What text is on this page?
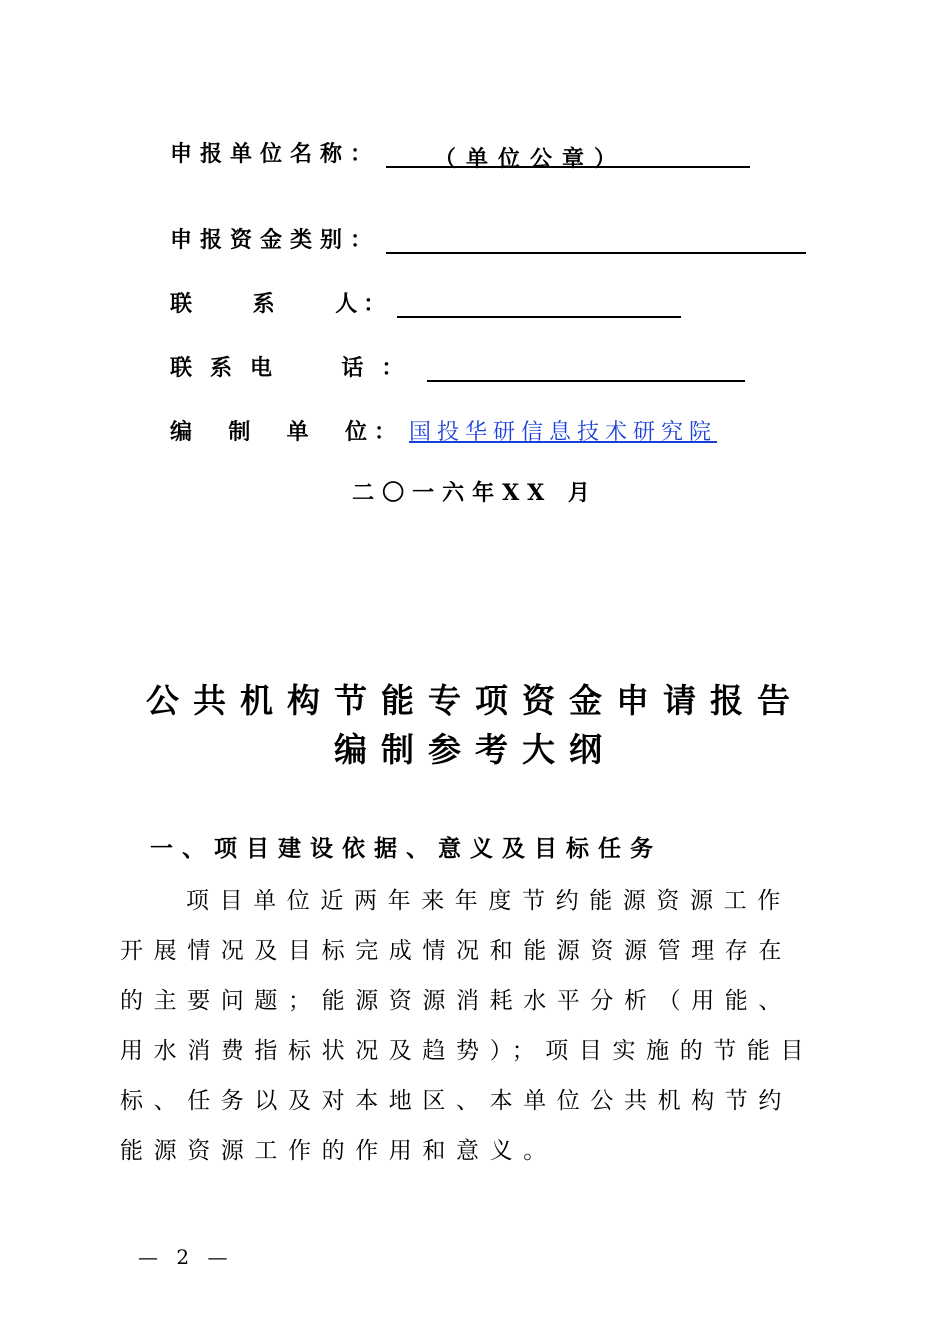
申报单位名称：	（单位公章）
申报资金类别：
联    系    人：
联系电  话：
编  制  单  位： 国投华研信息技术研究院
二〇一六年XX 月
公共机构节能专项资金申请报告
编制参考大纲
一、项目建设依据、意义及目标任务

项目单位近两年来年度节约能源资源工作开展情况及目标完成情况和能源资源管理存在的主要问题；能源资源消耗水平分析（用能、用水消费指标状况及趋势）；项目实施的节能目标、任务以及对本地区、本单位公共机构节约能源资源工作的作用和意义。

— 2 —
